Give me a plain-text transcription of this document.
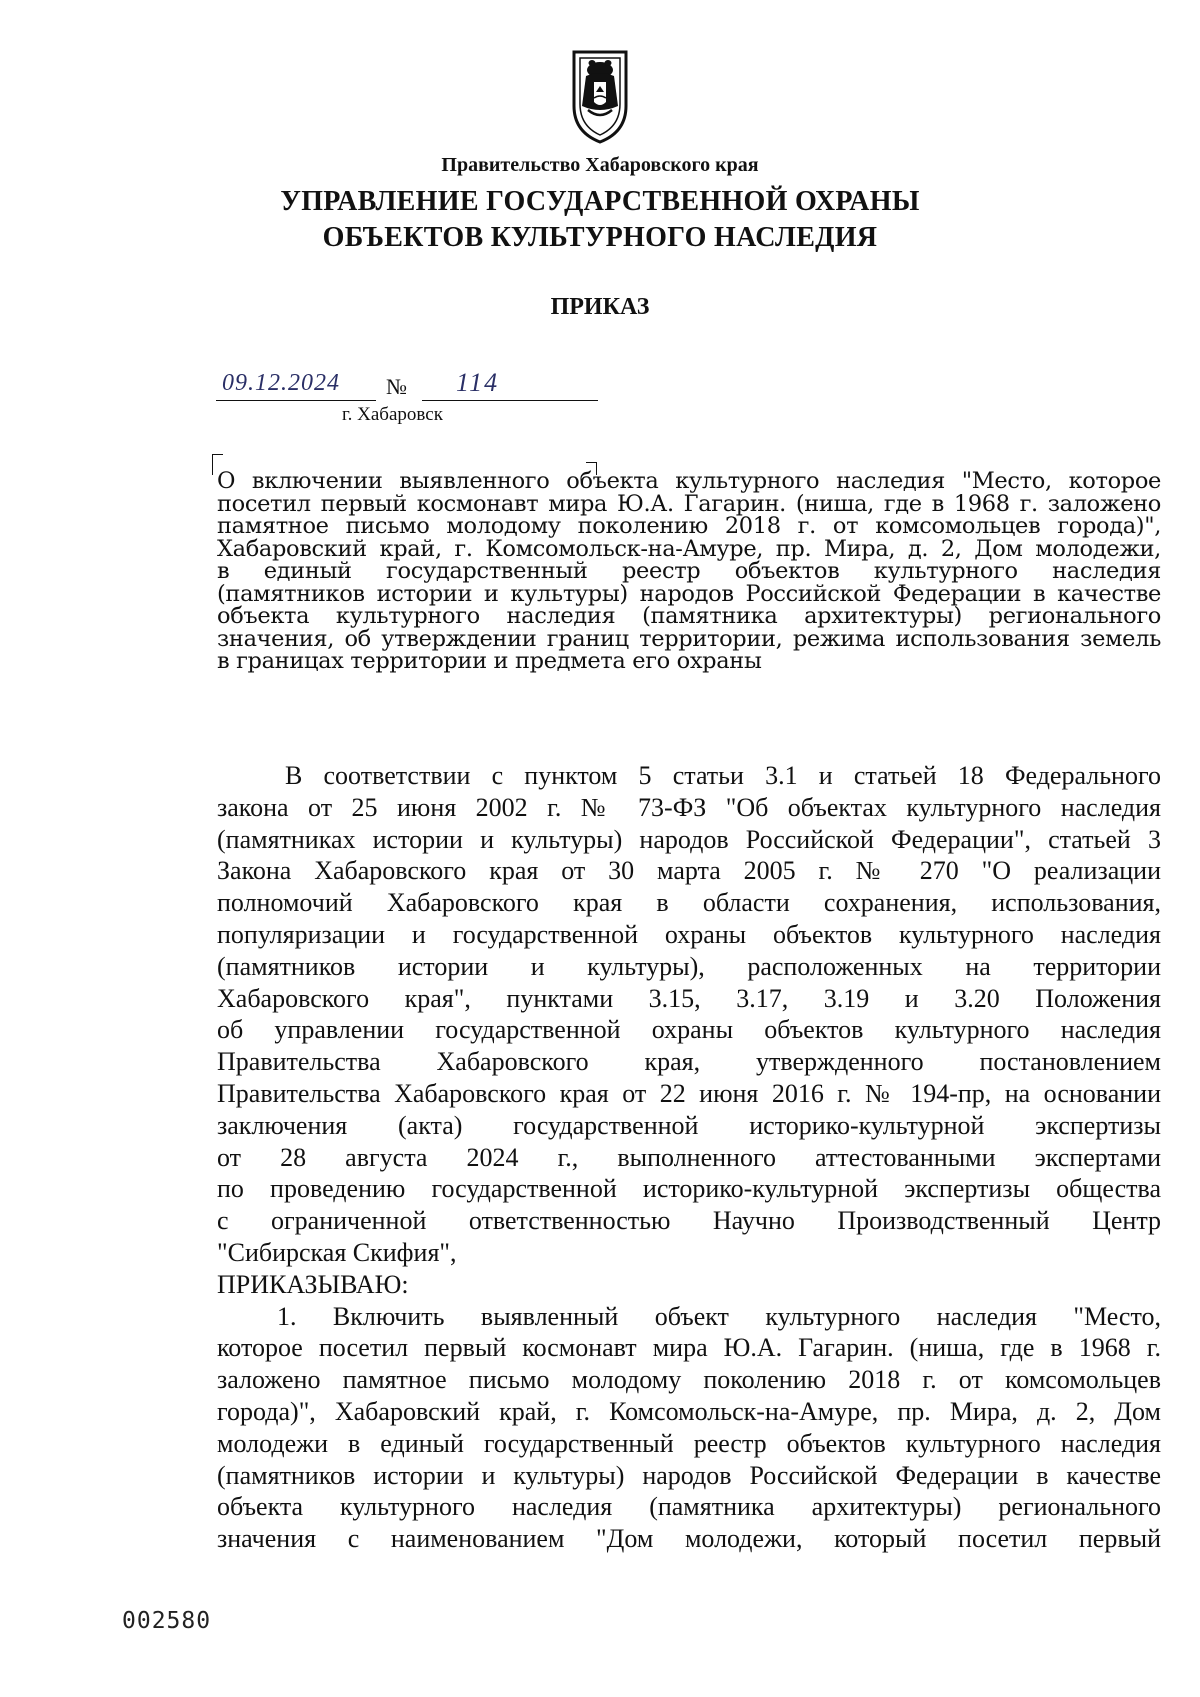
Правительство Хабаровского края
УПРАВЛЕНИЕ ГОСУДАРСТВЕННОЙ ОХРАНЫ
ОБЪЕКТОВ КУЛЬТУРНОГО НАСЛЕДИЯ
ПРИКАЗ
09.12.2024 № 114
г. Хабаровск
О включении выявленного объекта культурного наследия "Место, которое
посетил первый космонавт мира Ю.А. Гагарин. (ниша, где в 1968 г. заложено
памятное письмо молодому поколению 2018 г. от комсомольцев города)",
Хабаровский край, г. Комсомольск-на-Амуре, пр. Мира, д. 2, Дом молодежи,
в единый государственный реестр объектов культурного наследия
(памятников истории и культуры) народов Российской Федерации в качестве
объекта культурного наследия (памятника архитектуры) регионального
значения, об утверждении границ территории, режима использования земель
в границах территории и предмета его охраны
В соответствии с пунктом 5 статьи 3.1 и статьей 18 Федерального
закона от 25 июня 2002 г. № 73-ФЗ "Об объектах культурного наследия
(памятниках истории и культуры) народов Российской Федерации", статьей 3
Закона Хабаровского края от 30 марта 2005 г. № 270 "О реализации
полномочий Хабаровского края в области сохранения, использования,
популяризации и государственной охраны объектов культурного наследия
(памятников истории и культуры), расположенных на территории
Хабаровского края", пунктами 3.15, 3.17, 3.19 и 3.20 Положения
об управлении государственной охраны объектов культурного наследия
Правительства Хабаровского края, утвержденного постановлением
Правительства Хабаровского края от 22 июня 2016 г. № 194-пр, на основании
заключения (акта) государственной историко-культурной экспертизы
от 28 августа 2024 г., выполненного аттестованными экспертами
по проведению государственной историко-культурной экспертизы общества
с ограниченной ответственностью Научно Производственный Центр
"Сибирская Скифия",
ПРИКАЗЫВАЮ:
1. Включить выявленный объект культурного наследия "Место,
которое посетил первый космонавт мира Ю.А. Гагарин. (ниша, где в 1968 г.
заложено памятное письмо молодому поколению 2018 г. от комсомольцев
города)", Хабаровский край, г. Комсомольск-на-Амуре, пр. Мира, д. 2, Дом
молодежи в единый государственный реестр объектов культурного наследия
(памятников истории и культуры) народов Российской Федерации в качестве
объекта культурного наследия (памятника архитектуры) регионального
значения с наименованием "Дом молодежи, который посетил первый
002580
